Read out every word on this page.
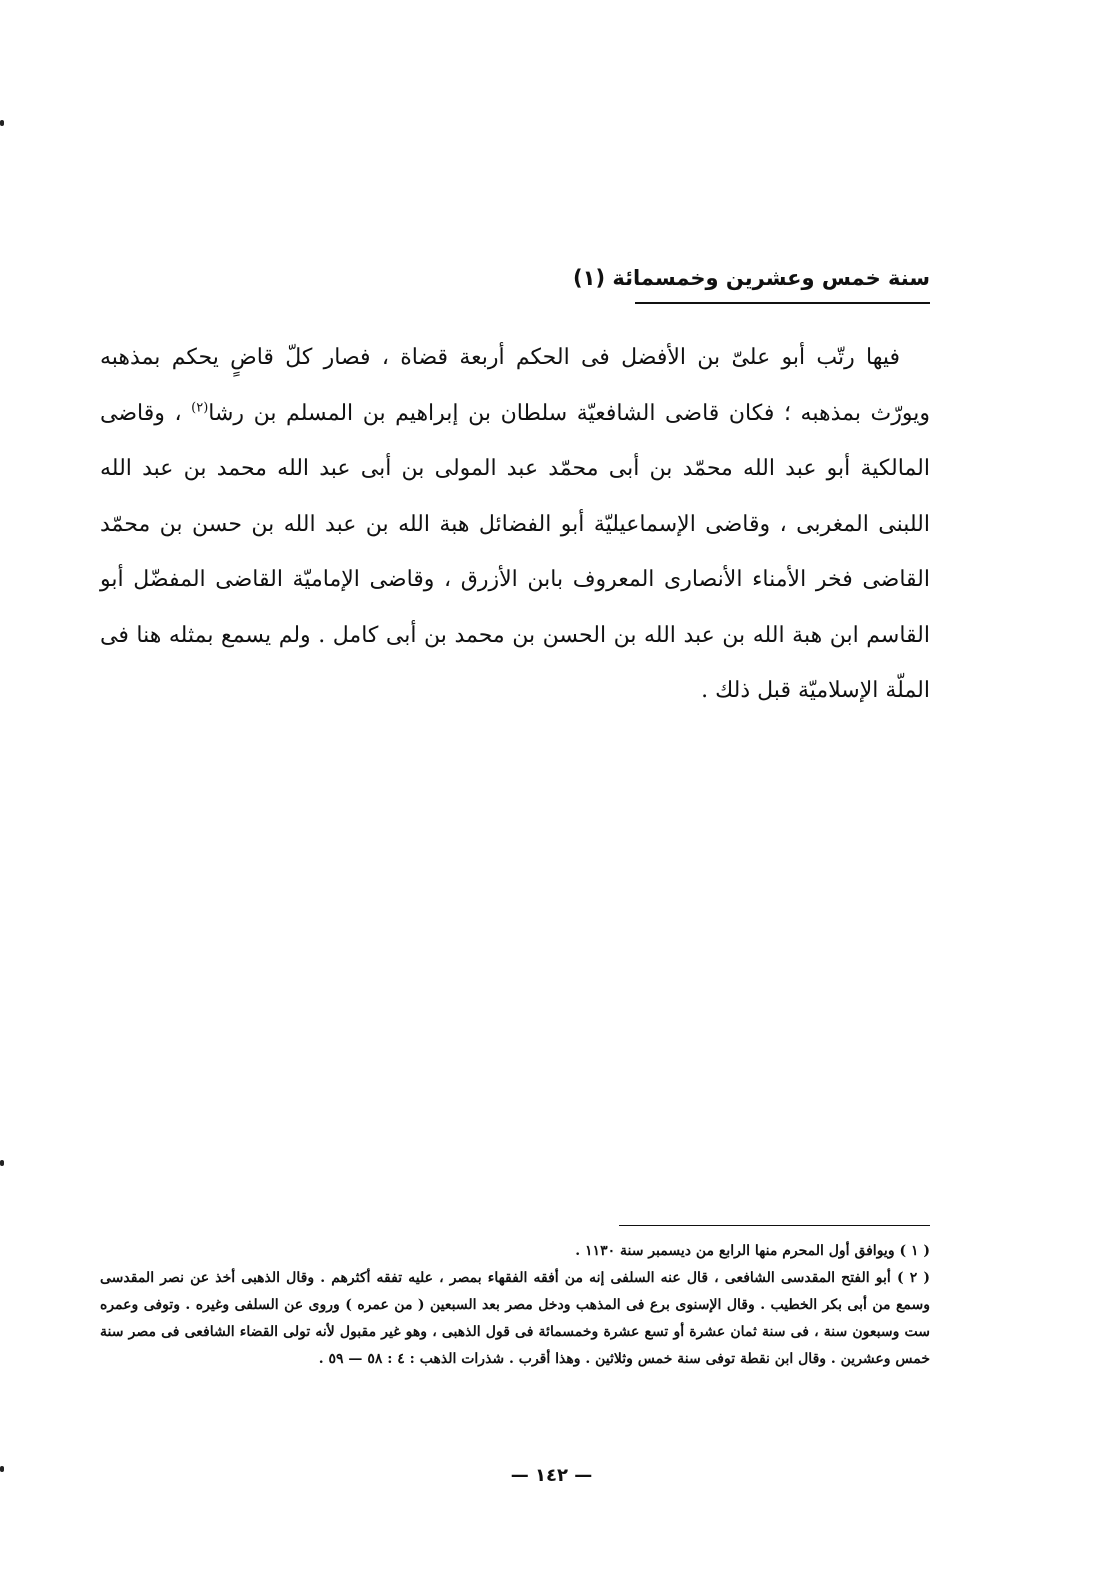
سنة خمس وعشرين وخمسمائة (١)

فيها رتّب أبو علىّ بن الأفضل فى الحكم أربعة قضاة ، فصار كلّ قاضٍ يحكم بمذهبه ويورّث بمذهبه ؛ فكان قاضى الشافعيّة سلطان بن إبراهيم بن المسلم بن رشا$^{(٢)}$ ، وقاضى المالكية أبو عبد الله محمّد بن أبى محمّد عبد المولى بن أبى عبد الله محمد بن عبد الله اللبنى المغربى ، وقاضى الإسماعيليّة أبو الفضائل هبة الله بن عبد الله بن حسن بن محمّد القاضى فخر الأمناء الأنصارى المعروف بابن الأزرق ، وقاضى الإماميّة القاضى المفضّل أبو القاسم ابن هبة الله بن عبد الله بن الحسن بن محمد بن أبى كامل . ولم يسمع بمثله هنا فى الملّة الإسلاميّة قبل ذلك .

( ١ ) ويوافق أول المحرم منها الرابع من ديسمبر سنة ١١٣٠ .

( ٢ ) أبو الفتح المقدسى الشافعى ، قال عنه السلفى إنه من أفقه الفقهاء بمصر ، عليه تفقه أكثرهم . وقال الذهبى أخذ عن نصر المقدسى وسمع من أبى بكر الخطيب . وقال الإسنوى برع فى المذهب ودخل مصر بعد السبعين ( من عمره ) وروى عن السلفى وغيره . وتوفى وعمره ست وسبعون سنة ، فى سنة ثمان عشرة أو تسع عشرة وخمسمائة فى قول الذهبى ، وهو غير مقبول لأنه تولى القضاء الشافعى فى مصر سنة خمس وعشرين . وقال ابن نقطة توفى سنة خمس وثلاثين . وهذا أقرب . شذرات الذهب : ٤ : ٥٨ — ٥٩ .

— ١٤٢ —
